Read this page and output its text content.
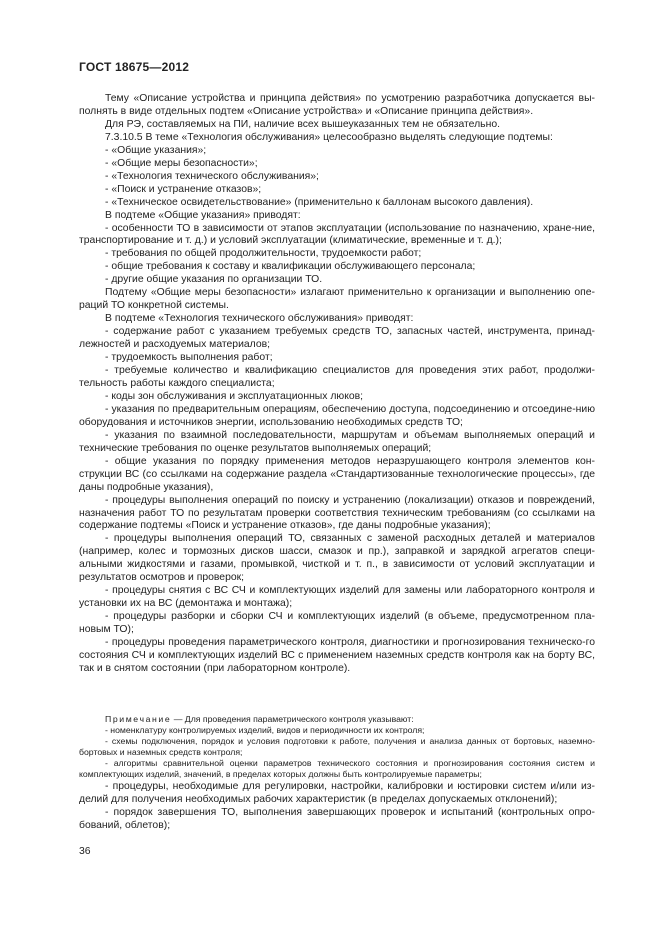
ГОСТ 18675—2012

Тему «Описание устройства и принципа действия» по усмотрению разработчика допускается вы-полнять в виде отдельных подтем «Описание устройства» и «Описание принципа действия».

Для РЭ, составляемых на ПИ, наличие всех вышеуказанных тем не обязательно.

7.3.10.5 В теме «Технология обслуживания» целесообразно выделять следующие подтемы:

- «Общие указания»;

- «Общие меры безопасности»;

- «Технология технического обслуживания»;

- «Поиск и устранение отказов»;

- «Техническое освидетельствование» (применительно к баллонам высокого давления).

В подтеме «Общие указания» приводят:

- особенности ТО в зависимости от этапов эксплуатации (использование по назначению, хране-ние, транспортирование и т. д.) и условий эксплуатации (климатические, временные и т. д.);

- требования по общей продолжительности, трудоемкости работ;

- общие требования к составу и квалификации обслуживающего персонала;

- другие общие указания по организации ТО.

Подтему «Общие меры безопасности» излагают применительно к организации и выполнению опе-раций ТО конкретной системы.

В подтеме «Технология технического обслуживания» приводят:

- содержание работ с указанием требуемых средств ТО, запасных частей, инструмента, принад-лежностей и расходуемых материалов;

- трудоемкость выполнения работ;

- требуемые количество и квалификацию специалистов для проведения этих работ, продолжи-тельность работы каждого специалиста;

- коды зон обслуживания и эксплуатационных люков;

- указания по предварительным операциям, обеспечению доступа, подсоединению и отсоедине-нию оборудования и источников энергии, использованию необходимых средств ТО;

- указания по взаимной последовательности, маршрутам и объемам выполняемых операций и технические требования по оценке результатов выполняемых операций;

- общие указания по порядку применения методов неразрушающего контроля элементов кон-струкции ВС (со ссылками на содержание раздела «Стандартизованные технологические процессы», где даны подробные указания),

- процедуры выполнения операций по поиску и устранению (локализации) отказов и повреждений, назначения работ ТО по результатам проверки соответствия техническим требованиям (со ссылками на содержание подтемы «Поиск и устранение отказов», где даны подробные указания);

- процедуры выполнения операций ТО, связанных с заменой расходных деталей и материалов (например, колес и тормозных дисков шасси, смазок и пр.), заправкой и зарядкой агрегатов специ-альными жидкостями и газами, промывкой, чисткой и т. п., в зависимости от условий эксплуатации и результатов осмотров и проверок;

- процедуры снятия с ВС СЧ и комплектующих изделий для замены или лабораторного контроля и установки их на ВС (демонтажа и монтажа);

- процедуры разборки и сборки СЧ и комплектующих изделий (в объеме, предусмотренном пла-новым ТО);

- процедуры проведения параметрического контроля, диагностики и прогнозирования техническо-го состояния СЧ и комплектующих изделий ВС с применением наземных средств контроля как на борту ВС, так и в снятом состоянии (при лабораторном контроле).

Примечание — Для проведения параметрического контроля указывают:

- номенклатуру контролируемых изделий, видов и периодичности их контроля;

- схемы подключения, порядок и условия подготовки к работе, получения и анализа данных от бортовых, наземно-бортовых и наземных средств контроля;

- алгоритмы сравнительной оценки параметров технического состояния и прогнозирования состояния систем и комплектующих изделий, значений, в пределах которых должны быть контролируемые параметры;

- процедуры, необходимые для регулировки, настройки, калибровки и юстировки систем и/или из-делий для получения необходимых рабочих характеристик (в пределах допускаемых отклонений);

- порядок завершения ТО, выполнения завершающих проверок и испытаний (контрольных опро-бований, облетов);

36
